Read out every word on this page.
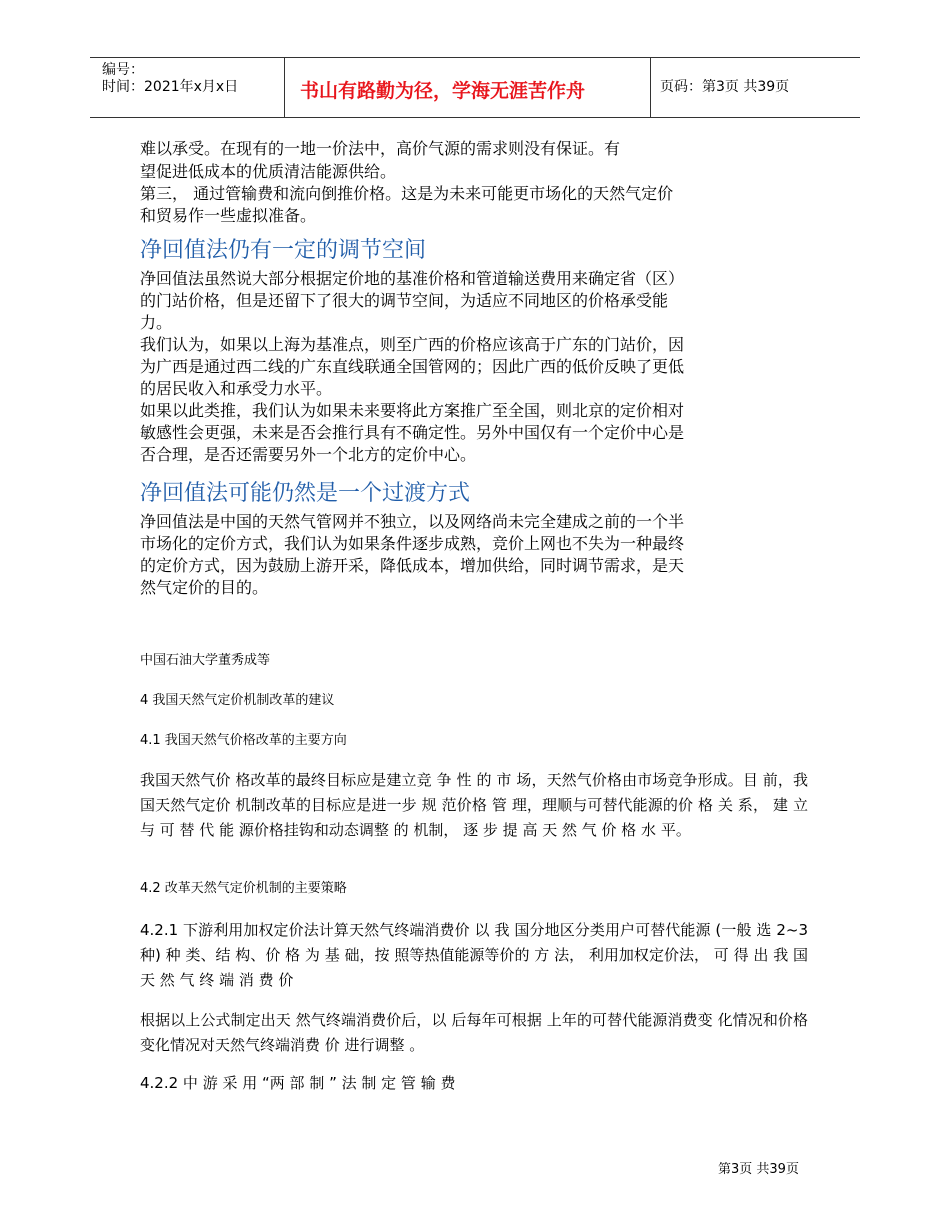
编号：
时间：2021年x月x日	书山有路勤为径，学海无涯苦作舟	页码：第3页 共39页
难以承受。在现有的一地一价法中，高价气源的需求则没有保证。有
望促进低成本的优质清洁能源供给。
第三， 通过管输费和流向倒推价格。这是为未来可能更市场化的天然气定价
和贸易作一些虚拟准备。
净回值法仍有一定的调节空间
净回值法虽然说大部分根据定价地的基准价格和管道输送费用来确定省（区）
的门站价格，但是还留下了很大的调节空间，为适应不同地区的价格承受能
力。
我们认为，如果以上海为基准点，则至广西的价格应该高于广东的门站价，因
为广西是通过西二线的广东直线联通全国管网的；因此广西的低价反映了更低
的居民收入和承受力水平。
如果以此类推，我们认为如果未来要将此方案推广至全国，则北京的定价相对
敏感性会更强，未来是否会推行具有不确定性。另外中国仅有一个定价中心是
否合理，是否还需要另外一个北方的定价中心。
净回值法可能仍然是一个过渡方式
净回值法是中国的天然气管网并不独立，以及网络尚未完全建成之前的一个半
市场化的定价方式，我们认为如果条件逐步成熟，竞价上网也不失为一种最终
的定价方式，因为鼓励上游开采，降低成本，增加供给，同时调节需求，是天
然气定价的目的。
中国石油大学董秀成等
4 我国天然气定价机制改革的建议
4.1 我国天然气价格改革的主要方向
我国天然气价 格改革的最终目标应是建立竞 争 性 的 市 场，天然气价格由市场竞争形成。目 前，我国天然气定价 机制改革的目标应是进一步 规 范价格 管 理，理顺与可替代能源的价 格 关 系， 建 立 与 可 替 代 能 源价格挂钩和动态调整 的 机制， 逐 步 提 高 天 然 气 价 格 水 平。
4.2 改革天然气定价机制的主要策略
4.2.1 下游利用加权定价法计算天然气终端消费价 以 我 国分地区分类用户可替代能源 (一般 选 2~3 种) 种 类、结 构、价 格 为 基 础，按 照等热值能源等价的 方 法， 利用加权定价法， 可 得 出 我 国 天 然 气 终 端 消 费 价
根据以上公式制定出天 然气终端消费价后，以 后每年可根据 上年的可替代能源消费变 化情况和价格变化情况对天然气终端消费 价 进行调整 。
4.2.2 中 游 采 用 “两 部 制 ” 法 制 定 管 输 费
第3页 共39页
